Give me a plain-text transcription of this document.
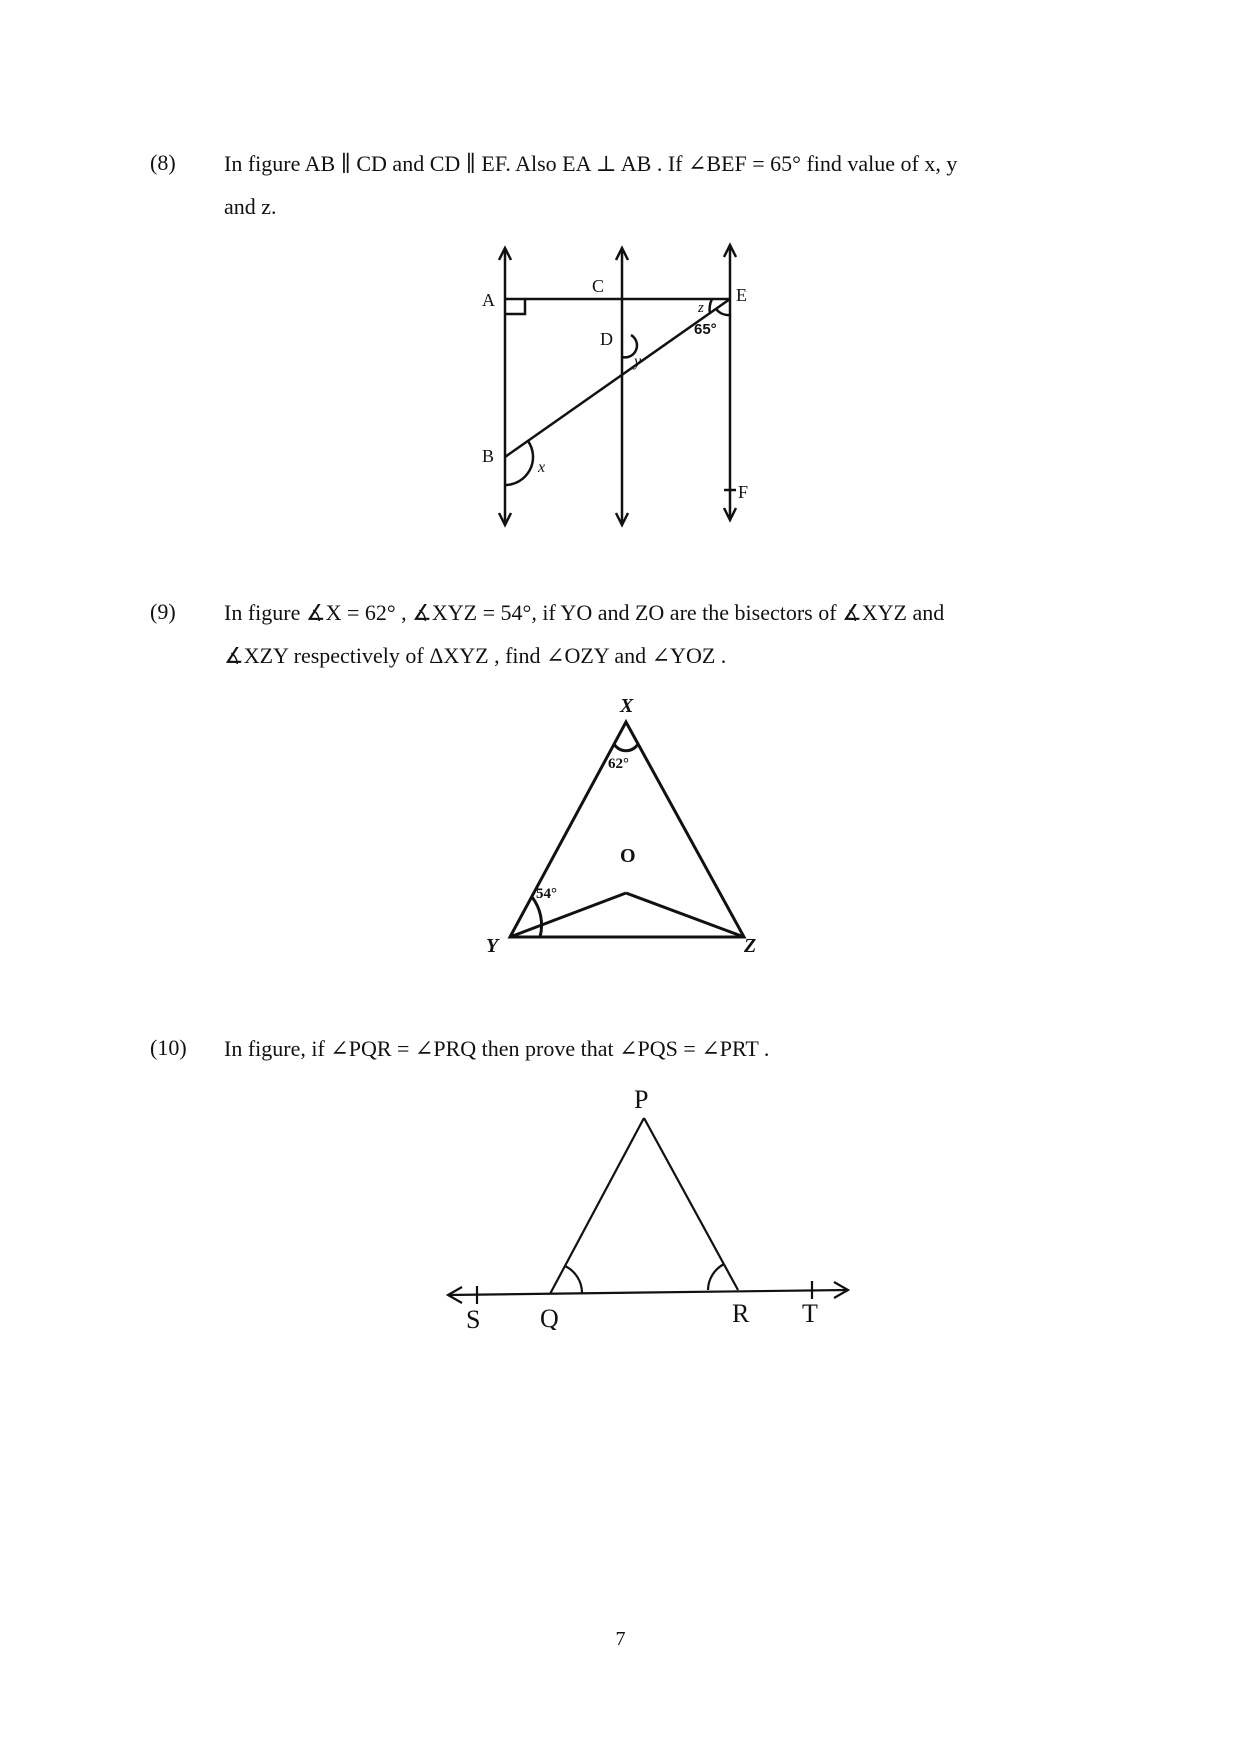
(8) In figure AB ∥ CD and CD ∥ EF. Also EA ⊥ AB . If ∠BEF = 65° find value of x, y
and z.
A
C	E
D
F
B
65°
x
y
z
(9) In figure ∡X = 62° , ∡XYZ = 54°, if YO and ZO are the bisectors of ∡XYZ and
∡XZY respectively of ΔXYZ , find ∠OZY and ∠YOZ .
X
Y	Z
O
62°
54°
(10) In figure, if ∠PQR = ∠PRQ then prove that ∠PQS = ∠PRT .
P
Q	R
S	T
7
